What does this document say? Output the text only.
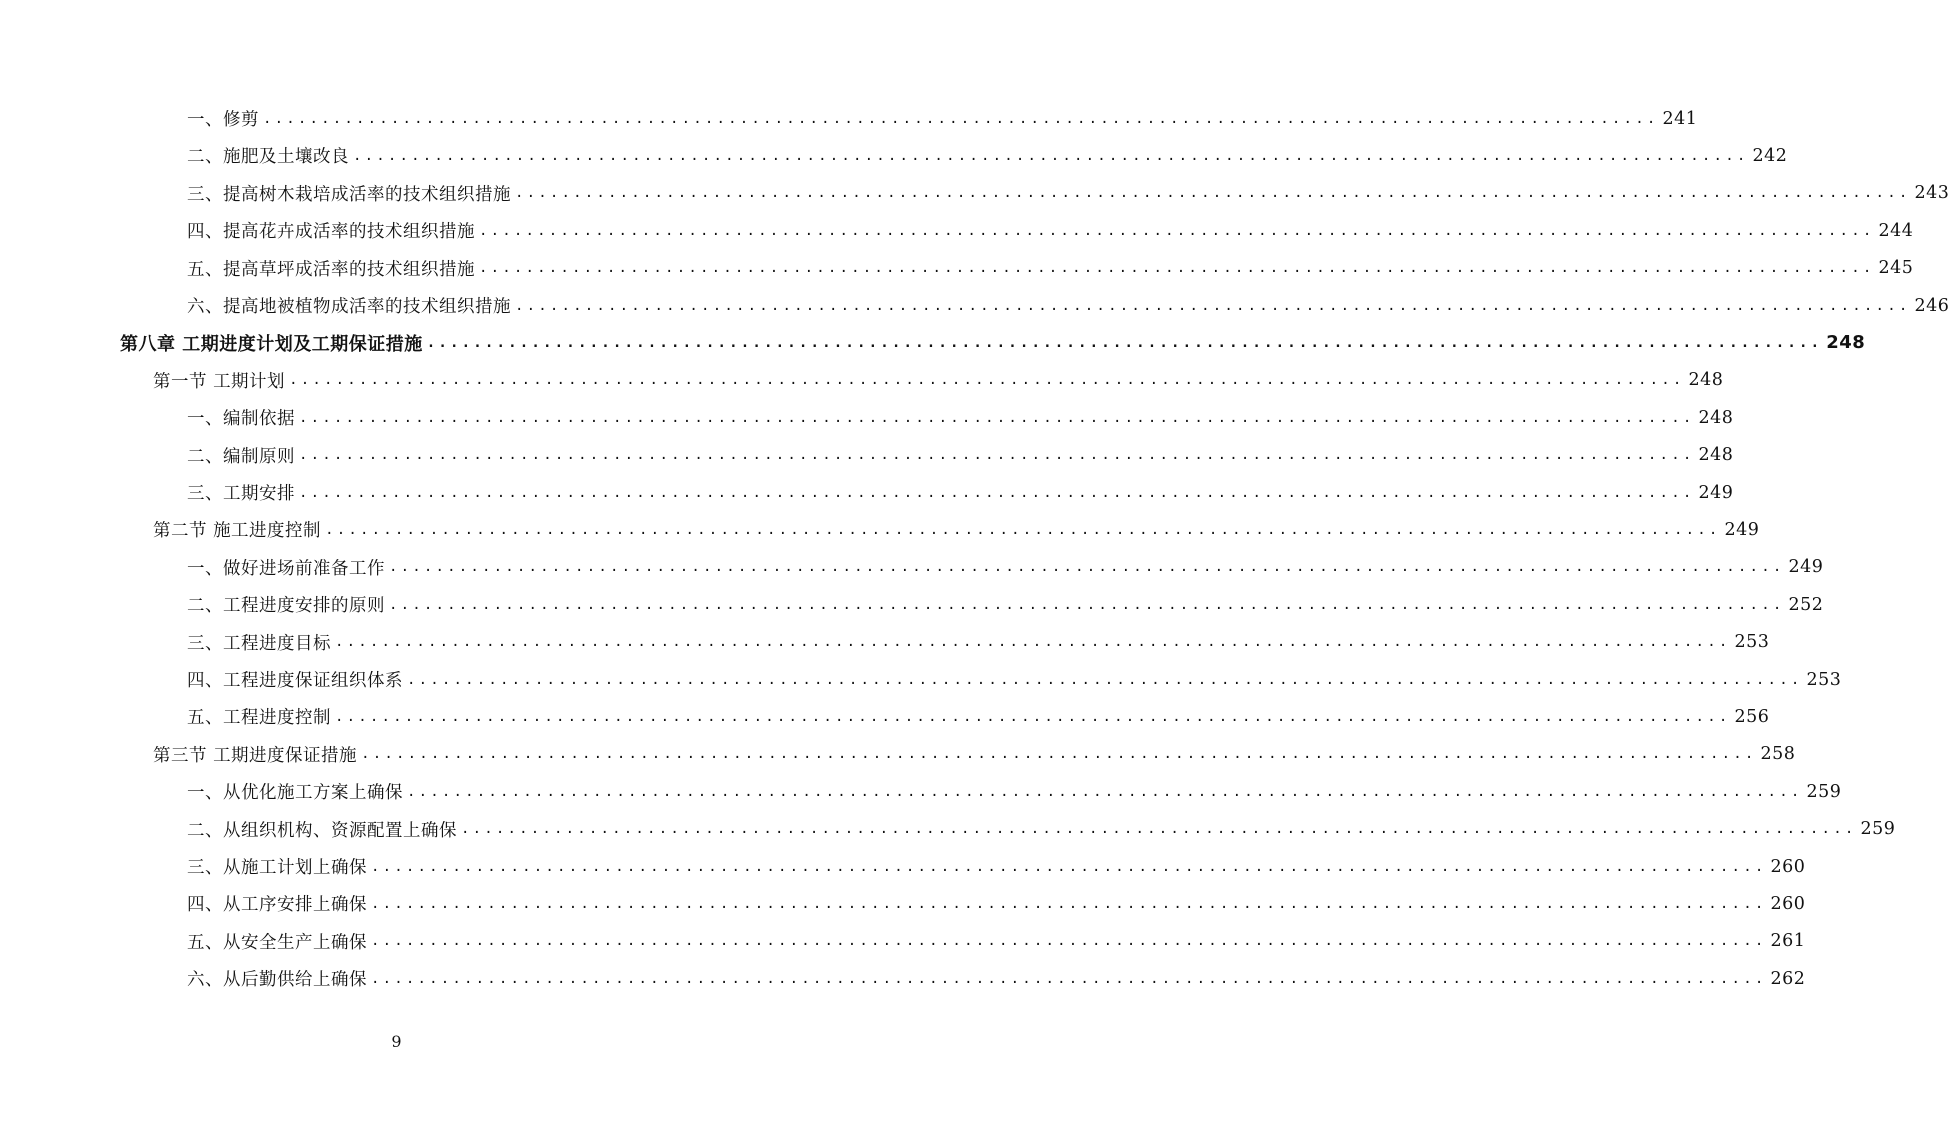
一、修剪 ........................................................................................................................ 241
二、施肥及土壤改良 ........................................................................................................................ 242
三、提高树木栽培成活率的技术组织措施 ........................................................................................................................ 243
四、提高花卉成活率的技术组织措施 ........................................................................................................................ 244
五、提高草坪成活率的技术组织措施 ........................................................................................................................ 245
六、提高地被植物成活率的技术组织措施 ........................................................................................................................ 246
第八章 工期进度计划及工期保证措施 ........................................................................................................................ 248
第一节 工期计划 ........................................................................................................................ 248
一、编制依据 ........................................................................................................................ 248
二、编制原则 ........................................................................................................................ 248
三、工期安排 ........................................................................................................................ 249
第二节 施工进度控制 ........................................................................................................................ 249
一、做好进场前准备工作 ........................................................................................................................ 249
二、工程进度安排的原则 ........................................................................................................................ 252
三、工程进度目标 ........................................................................................................................ 253
四、工程进度保证组织体系 ........................................................................................................................ 253
五、工程进度控制 ........................................................................................................................ 256
第三节 工期进度保证措施 ........................................................................................................................ 258
一、从优化施工方案上确保 ........................................................................................................................ 259
二、从组织机构、资源配置上确保 ........................................................................................................................ 259
三、从施工计划上确保 ........................................................................................................................ 260
四、从工序安排上确保 ........................................................................................................................ 260
五、从安全生产上确保 ........................................................................................................................ 261
六、从后勤供给上确保 ........................................................................................................................ 262
9
